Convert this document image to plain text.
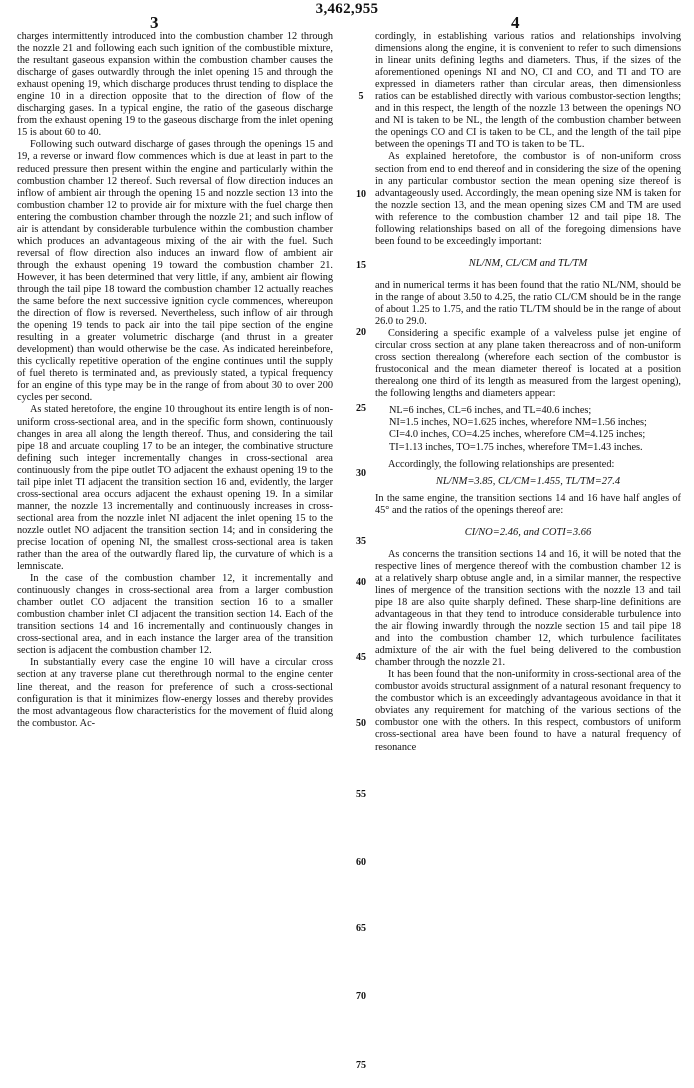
3,462,955
3	4

charges intermittently introduced into the combustion chamber 12 through the nozzle 21 and following each such ignition of the combustible mixture, the resultant gaseous expansion within the combustion chamber causes the discharge of gases outwardly through the inlet opening 15 and through the exhaust opening 19, which discharge produces thrust tending to displace the engine 10 in a direction opposite that to the direction of flow of the discharging gases. In a typical engine, the ratio of the gaseous discharge from the exhaust opening 19 to the gaseous discharge from the inlet opening 15 is about 60 to 40.

Following such outward discharge of gases through the openings 15 and 19, a reverse or inward flow commences which is due at least in part to the reduced pressure then present within the engine and particularly within the combustion chamber 12 thereof. Such reversal of flow direction induces an inflow of ambient air through the opening 15 and nozzle section 13 into the combustion chamber 12 to provide air for mixture with the fuel charge then entering the combustion chamber through the nozzle 21; and such inflow of air is attendant by considerable turbulence within the combustion chamber which produces an advantageous mixing of the air with the fuel. Such reversal of flow direction also induces an inward flow of ambient air through the exhaust opening 19 toward the combustion chamber 21. However, it has been determined that very little, if any, ambient air flowing through the tail pipe 18 toward the combustion chamber 12 actually reaches the same before the next successive ignition cycle commences, whereupon the direction of flow is reversed. Nevertheless, such inflow of air through the opening 19 tends to pack air into the tail pipe section of the engine resulting in a greater volumetric discharge (and thrust in a greater development) than would otherwise be the case. As indicated hereinbefore, this cyclically repetitive operation of the engine continues until the supply of fuel thereto is terminated and, as previously stated, a typical frequency for an engine of this type may be in the range of from about 30 to over 200 cycles per second.

As stated heretofore, the engine 10 throughout its entire length is of non-uniform cross-sectional area, and in the specific form shown, continuously changes in area all along the length thereof. Thus, and considering the tail pipe 18 and arcuate coupling 17 to be an integer, the combinative structure defining such integer incrementally changes in cross-sectional area continuously from the pipe outlet TO adjacent the exhaust opening 19 to the tail pipe inlet TI adjacent the transition section 16 and, evidently, the larger cross-sectional area occurs adjacent the exhaust opening 19. In a similar manner, the nozzle 13 incrementally and continuously increases in cross-sectional area from the nozzle inlet NI adjacent the inlet opening 15 to the nozzle outlet NO adjacent the transition section 14; and in considering the precise location of opening NI, the smallest cross-sectional area is taken rather than the area of the outwardly flared lip, the curvature of which is a lemniscate.

In the case of the combustion chamber 12, it incrementally and continuously changes in cross-sectional area from a larger combustion chamber outlet CO adjacent the transition section 16 to a smaller combustion chamber inlet CI adjacent the transition section 14. Each of the transition sections 14 and 16 incrementally and continuously changes in cross-sectional area, and in each instance the larger area of the transition section is adjacent the combustion chamber 12.

In substantially every case the engine 10 will have a circular cross section at any traverse plane cut therethrough normal to the engine center line thereat, and the reason for preference of such a cross-sectional configuration is that it minimizes flow-energy losses and thereby provides the most advantageous flow characteristics for the movement of fluid along the combustor. Ac-

5
10
15
20
25
30
35
40
45
50
55
60
65
70
75

cordingly, in establishing various ratios and relationships involving dimensions along the engine, it is convenient to refer to such dimensions in linear units defining legths and diameters. Thus, if the sizes of the aforementioned openings NI and NO, CI and CO, and TI and TO are expressed in diameters rather than circular areas, then dimensionless ratios can be established directly with various combustor-section lengths; and in this respect, the length of the nozzle 13 between the openings NO and NI is taken to be NL, the length of the combustion chamber between the openings CO and CI is taken to be CL, and the length of the tail pipe between the openings TI and TO is taken to be TL.

As explained heretofore, the combustor is of non-uniform cross section from end to end thereof and in considering the size of the opening in any particular combustor section the mean opening size thereof is advantageously used. Accordingly, the mean opening size NM is taken for the nozzle section 13, and the mean opening sizes CM and TM are used with reference to the combustion chamber 12 and tail pipe 18. The following relationships based on all of the foregoing dimensions have been found to be exceedingly important:

NL/NM, CL/CM and TL/TM

and in numerical terms it has been found that the ratio NL/NM, should be in the range of about 3.50 to 4.25, the ratio CL/CM should be in the range of about 1.25 to 1.75, and the ratio TL/TM should be in the range of about 26.0 to 29.0.

Considering a specific example of a valveless pulse jet engine of circular cross section at any plane taken thereacross and of non-uniform cross section therealong (wherefore each section of the combustor is frustoconical and the mean diameter thereof is located at a position therealong one third of its length as measured from the largest opening), the following lengths and diameters appear:

NL=6 inches, CL=6 inches, and TL=40.6 inches;

NI=1.5 inches, NO=1.625 inches, wherefore NM=1.56 inches;

CI=4.0 inches, CO=4.25 inches, wherefore CM=4.125 inches;

TI=1.13 inches, TO=1.75 inches, wherefore TM=1.43 inches.

Accordingly, the following relationships are presented:

NL/NM=3.85, CL/CM=1.455, TL/TM=27.4

In the same engine, the transition sections 14 and 16 have half angles of 45° and the ratios of the openings thereof are:

CI/NO=2.46, and COTI=3.66

As concerns the transition sections 14 and 16, it will be noted that the respective lines of mergence thereof with the combustion chamber 12 is at a relatively sharp obtuse angle and, in a similar manner, the respective lines of mergence of the transition sections with the nozzle 13 and tail pipe 18 are also quite sharply defined. These sharp-line definitions are advantageous in that they tend to introduce considerable turbulence into the air flowing inwardly through the nozzle section 15 and tail pipe 18 and into the combustion chamber 12, which turbulence facilitates admixture of the air with the fuel being delivered to the combustion chamber through the nozzle 21.

It has been found that the non-uniformity in cross-sectional area of the combustor avoids structural assignment of a natural resonant frequency to the combustor which is an exceedingly advantageous avoidance in that it obviates any requirement for matching of the various sections of the combustor one with the others. In this respect, combustors of uniform cross-sectional area have been found to have a natural frequency of resonance
